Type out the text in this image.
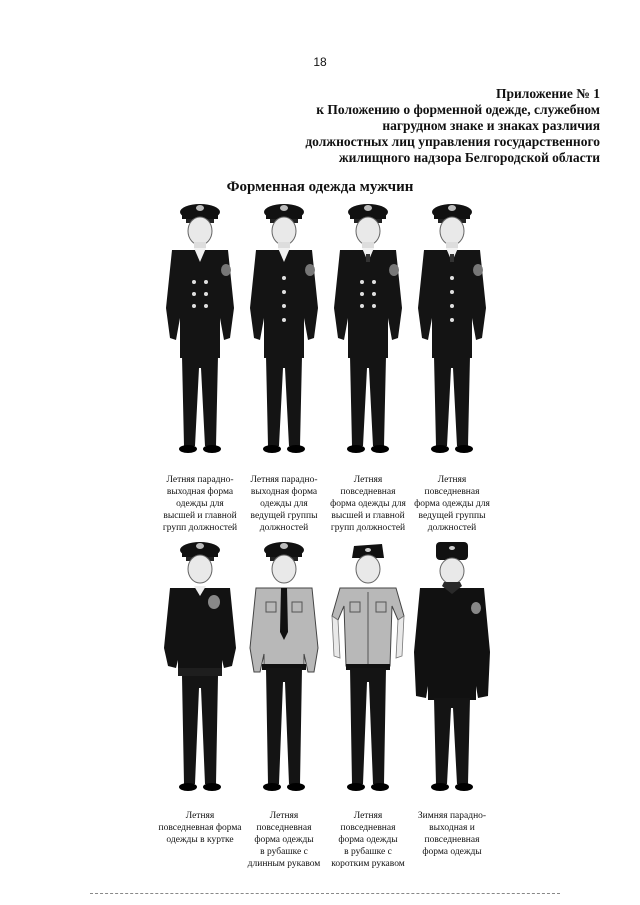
18
Приложение № 1
к Положению о форменной одежде, служебном
нагрудном знаке и знаках различия
должностных лиц управления государственного
жилищного надзора Белгородской области
Форменная одежда мужчин
Летняя парадно-
выходная форма
одежды для
высшей и главной
групп должностей
Летняя парадно-
выходная форма
одежды для
ведущей группы
должностей
Летняя
повседневная
форма одежды для
высшей и главной
групп должностей
Летняя
повседневная
форма одежды для
ведущей группы
должностей
Летняя
повседневная форма
одежды в куртке
Летняя
повседневная
форма одежды
в рубашке с
длинным рукавом
Летняя
повседневная
форма одежды
в рубашке с
коротким рукавом
Зимняя парадно-
выходная и
повседневная
форма одежды
